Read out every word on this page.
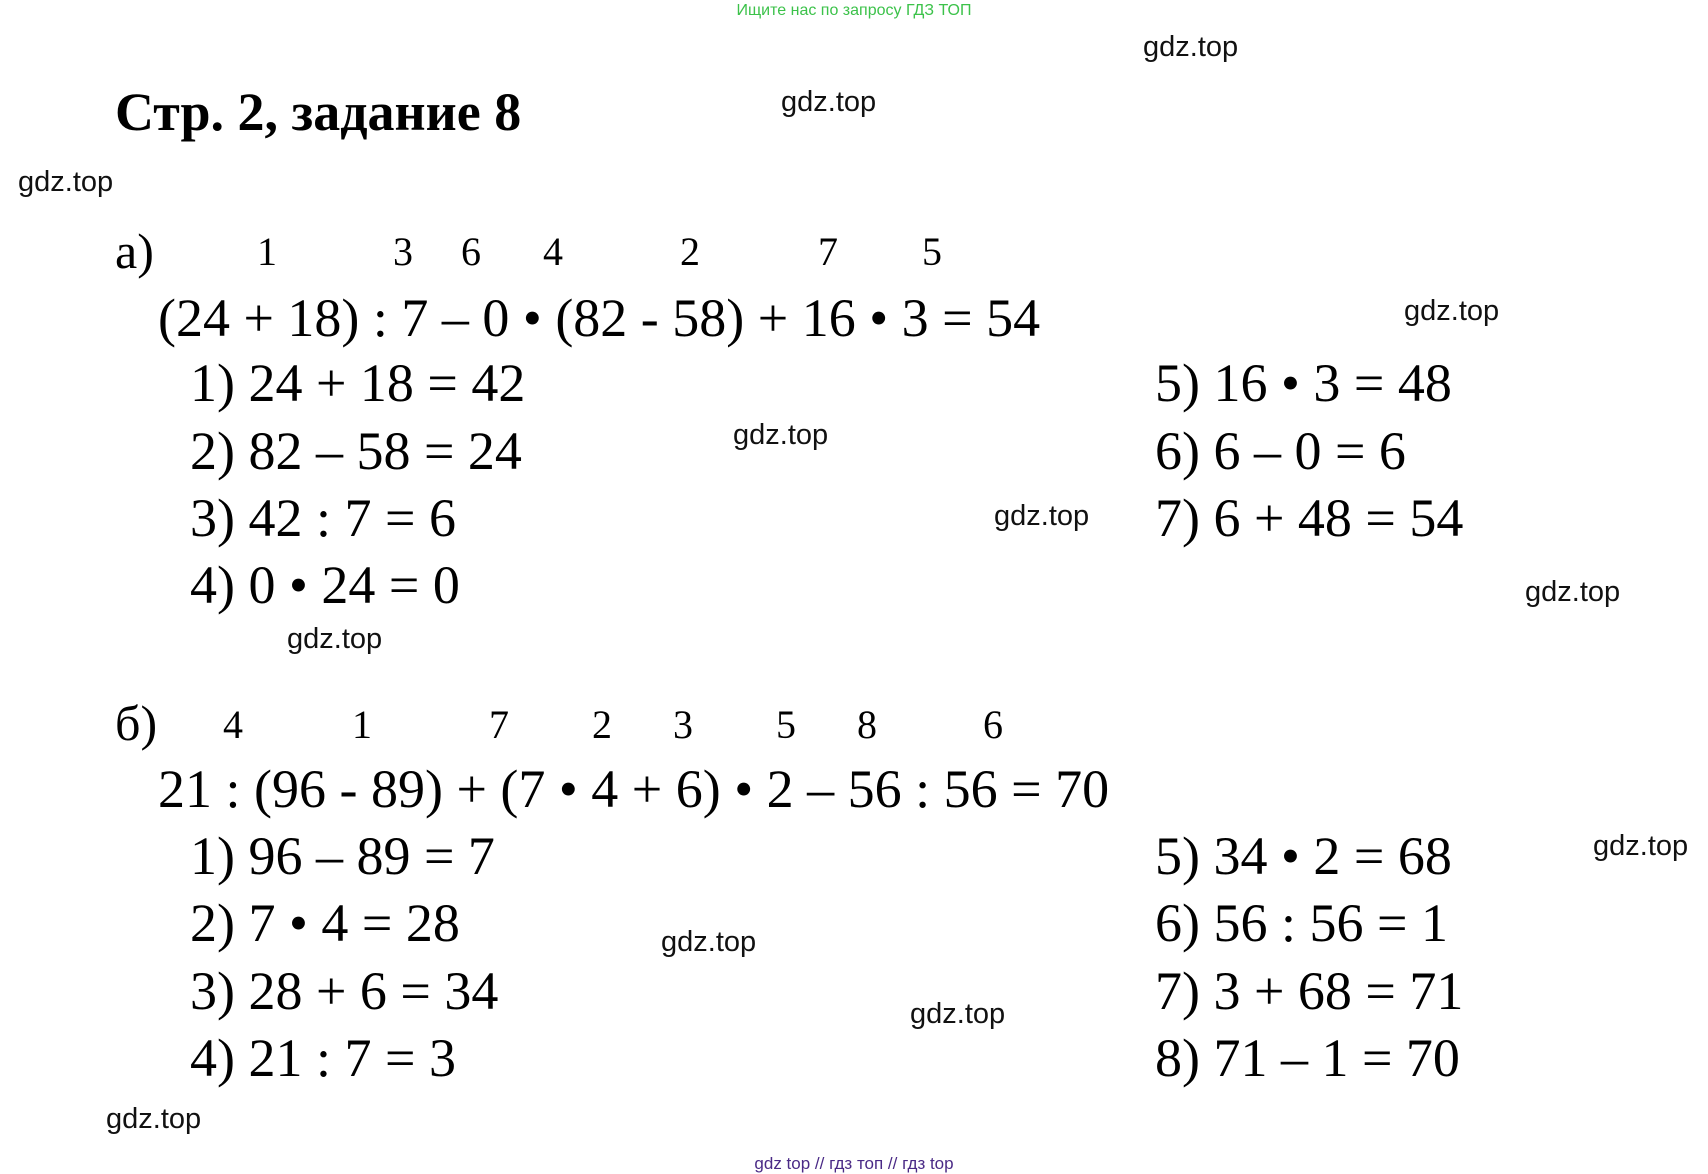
Ищите нас по запросу ГДЗ ТОП
Стр. 2, задание 8
gdz.top
gdz.top
gdz.top
gdz.top
gdz.top
gdz.top
gdz.top
gdz.top
gdz.top
gdz.top
gdz.top
gdz.top
а)	1	3 6 4	2	7 5
(24 + 18) : 7 – 0 • (82 - 58) + 16 • 3 = 54
1) 24 + 18 = 42
2) 82 – 58 = 24
3) 42 : 7 = 6
4) 0 • 24 = 0
5) 16 • 3 = 48
6) 6 – 0 = 6
7) 6 + 48 = 54
б) 4	1	7 2 3 5 8	6
21 : (96 - 89) + (7 • 4 + 6) • 2 – 56 : 56 = 70
1) 96 – 89 = 7
2) 7 • 4 = 28
3) 28 + 6 = 34
4) 21 : 7 = 3
5) 34 • 2 = 68
6) 56 : 56 = 1
7) 3 + 68 = 71
8) 71 – 1 = 70
gdz top // гдз топ // гдз top
